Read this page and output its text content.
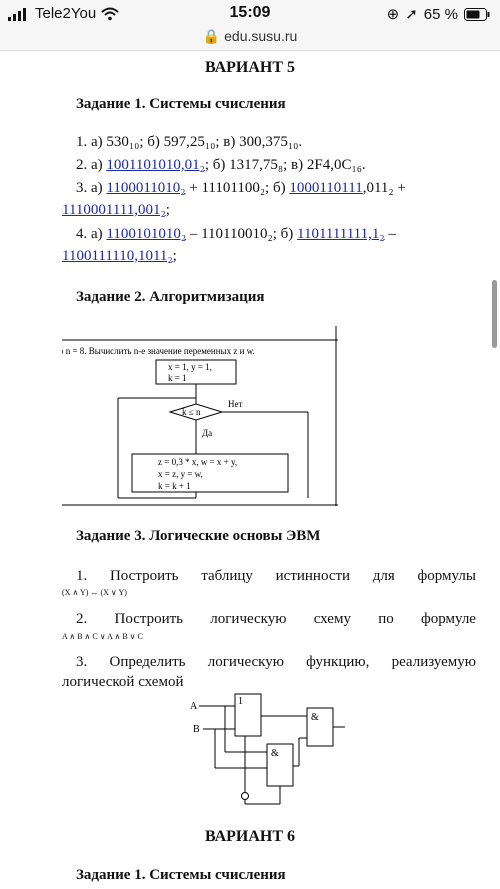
Tele2You	15:09	⊕ ➚ 65 %
🔒 edu.susu.ru
ВАРИАНТ 5
Задание 1. Системы счисления
1. а) 530₁₀; б) 597,25₁₀; в) 300,375₁₀.
2. а) 1001101010,01₂; б) 1317,75₈; в) 2F4,0C₁₆.
3. а) 1100011010₂ + 11101100₂; б) 1000110111,011₂ +
1110001111,001₂;
4. а) 1100101010₂ – 110110010₂; б) 1101111111,1₂ –
1100111110,1011₂;
Задание 2. Алгоритмизация
Дано n = 8. Вычислить n-е значение переменных z и w.
x = 1, y = 1,
k = 1
k ≤ n
Нет
Да
z = 0,3 * x, w = x + y,
x = z, y = w,
k = k + 1
Задание 3. Логические основы ЭВМ
1. Построить таблицу истинности для формулы
(X ∧ Y) ↔ (X ∨ Y)
2. Построить логическую схему по формуле
A ∧ B ∧ C ∨ A ∧ B ∨ C
3. Определить логическую функцию, реализуемую
логической схемой
A
B
1
&
&
ВАРИАНТ 6
Задание 1. Системы счисления
